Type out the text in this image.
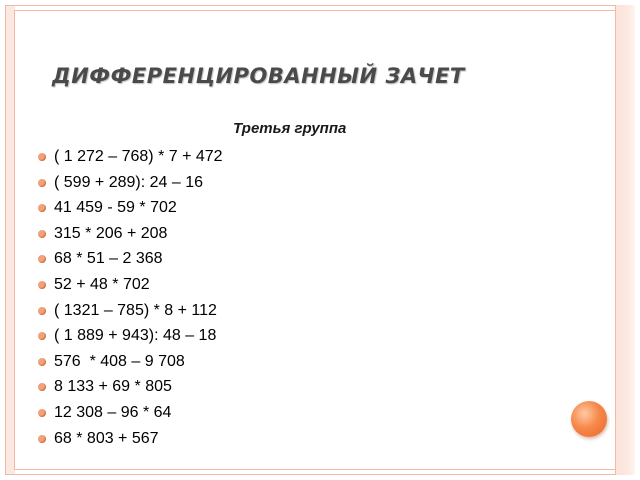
ДИФФЕРЕНЦИРОВАННЫЙ ЗАЧЕТ
Третья группа
( 1 272 – 768) * 7 + 472
( 599 + 289): 24 – 16
41 459 - 59 * 702
315 * 206 + 208
68 * 51 – 2 368
52 + 48 * 702
( 1321 – 785) * 8 + 112
( 1 889 + 943): 48 – 18
576  * 408 – 9 708
8 133 + 69 * 805
12 308 – 96 * 64
68 * 803 + 567
